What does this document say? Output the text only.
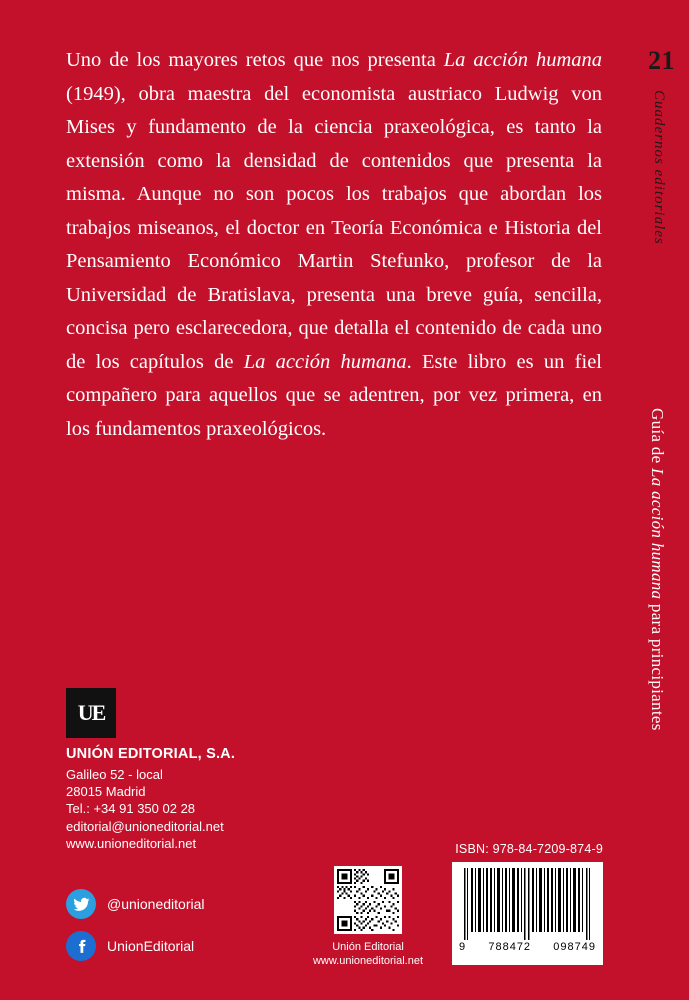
Uno de los mayores retos que nos presenta La acción humana (1949), obra maestra del economista austriaco Ludwig von Mises y fundamento de la ciencia praxeológica, es tanto la extensión como la densidad de contenidos que presenta la misma. Aunque no son pocos los trabajos que abordan los trabajos miseanos, el doctor en Teoría Económica e Historia del Pensamiento Económico Martin Stefunko, profesor de la Universidad de Bratislava, presenta una breve guía, sencilla, concisa pero esclarecedora, que detalla el contenido de cada uno de los capítulos de La acción humana. Este libro es un fiel compañero para aquellos que se adentren, por vez primera, en los fundamentos praxeológicos.
21
Cuadernos editoriales
Guía de La acción humana para principiantes
UE
UNIÓN EDITORIAL, S.A.
Galileo 52 - local
28015 Madrid
Tel.: +34 91 350 02 28
editorial@unioneditorial.net
www.unioneditorial.net
@unioneditorial
UnionEditorial	Unión Editorial
www.unioneditorial.net
ISBN: 978-84-7209-874-9
9 788472 098749
